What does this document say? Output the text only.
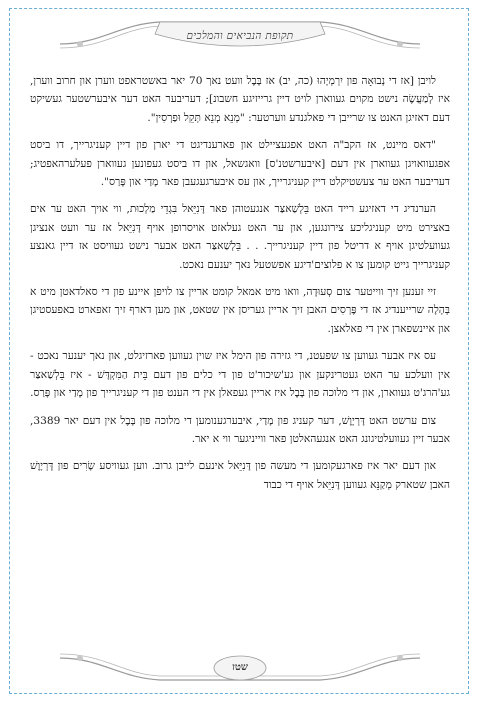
תקופת הנביאים והמלכים

לויבן [אז די נְבוּאָה פון יִרְמְיָהוּ (כה, יב) אז בָּבֶל וועט נאך 70 יאר באשטראפט ווערן און חרוב ווערן, איז לְמַעֲשֶׂה נישט מקוים געווארן לויט דיין גרייזיגע חשבונ]; דעריבער האט דער איבערשטער געשיקט דעם דאזיגן האנט צו שרייבן די פאלגנדע ווערטער: "מְנֵא מְנֵא תְּקֵל וּפַרְסִין".

"דאס מיינט, אז הקב"ה האט אפגעציילט און פארענדיגט די יארן פון דיין קעניגרייך, דו ביסט אפגעוואויגן געווארן אין דעם [איבערשטנ'ס] וואגשאל, און דו ביסט געפונען געווארן פעלערהאפטיג; דעריבער האט ער צעשטיקלט דיין קעניגרייך, און עס איבערגעגעבן פאר מָדַי און פָּרַס".

הערנדיג די דאזיגע רייד האט בֵּלְשַׁאצַּר אנגעטוהן פאר דָּנִיֵּאל בִּגְדֵי מַלְכוּת, ווי אויך האט ער אים באצירט מיט קעניגליכע צירונגען, און ער האט געלאזט אויסרופן אויף דָּנִיֵּאל אז ער וועט אנציגן געוועלטיגן אויף א דריטל פון דיין קעניגרייך. . . בֵּלְשַׁאצַּר האט אבער נישט געוויסט אז דיין גאנצע קעניגרייך גייט קומען צו א פלוצים'דיגע אפשטעל נאך יענעם נאכט.

זיי זענען זיך ווייטער צום סְעוּדָה, וואו מיט אמאל קומט אריין צו לויפן איינע פון די סאלדאטן מיט א בְּהָלָה שרייענדיג אז די פֶּרְסִים האבן זיך אריין געריסן אין שטאט, און מען דארף זיך זאפארט באפעסטיגן און איינשפארן אין די פאלאצן.

עס איז אבער געווען צו שפעטנ, די גזירה פון הימל איז שוין געווען פארזיגלט, און נאך יענער נאכט - אין וועלכע ער האט געטרינקען און גע'שיכור'ט פון די כלים פון דעם בֵּית הַמִּקְדָּשׁ - איז בֵּלְשַׁאצַּר גע'הרג'ט געווארן, און די מלוכה פון בָּבֶל איז אריין געפאלן אין די הענט פון די קעניגרייך פון מָדַי און פָּרַס.

צום ערשט האט דָּרְיָוֶשׁ, דער קעניג פון מָדַי, איבערגענומען די מלוכה פון בָּבֶל אין דעם יאר 3389, אבער זיין געוועלטיגונג האט אנגעהאלטן פאר ווייניגער ווי א יאר.

און דעם יאר איז פארגעקומען די מעשה פון דָּנִיֵּאל אינעם לייבן גרוב. ווען געוויסע שָׂרִים פון דָּרְיָוֶשׁ האבן שטארק מְקַנֵּא געווען דָּנִיֵּאל אויף די כבוד

שטז
